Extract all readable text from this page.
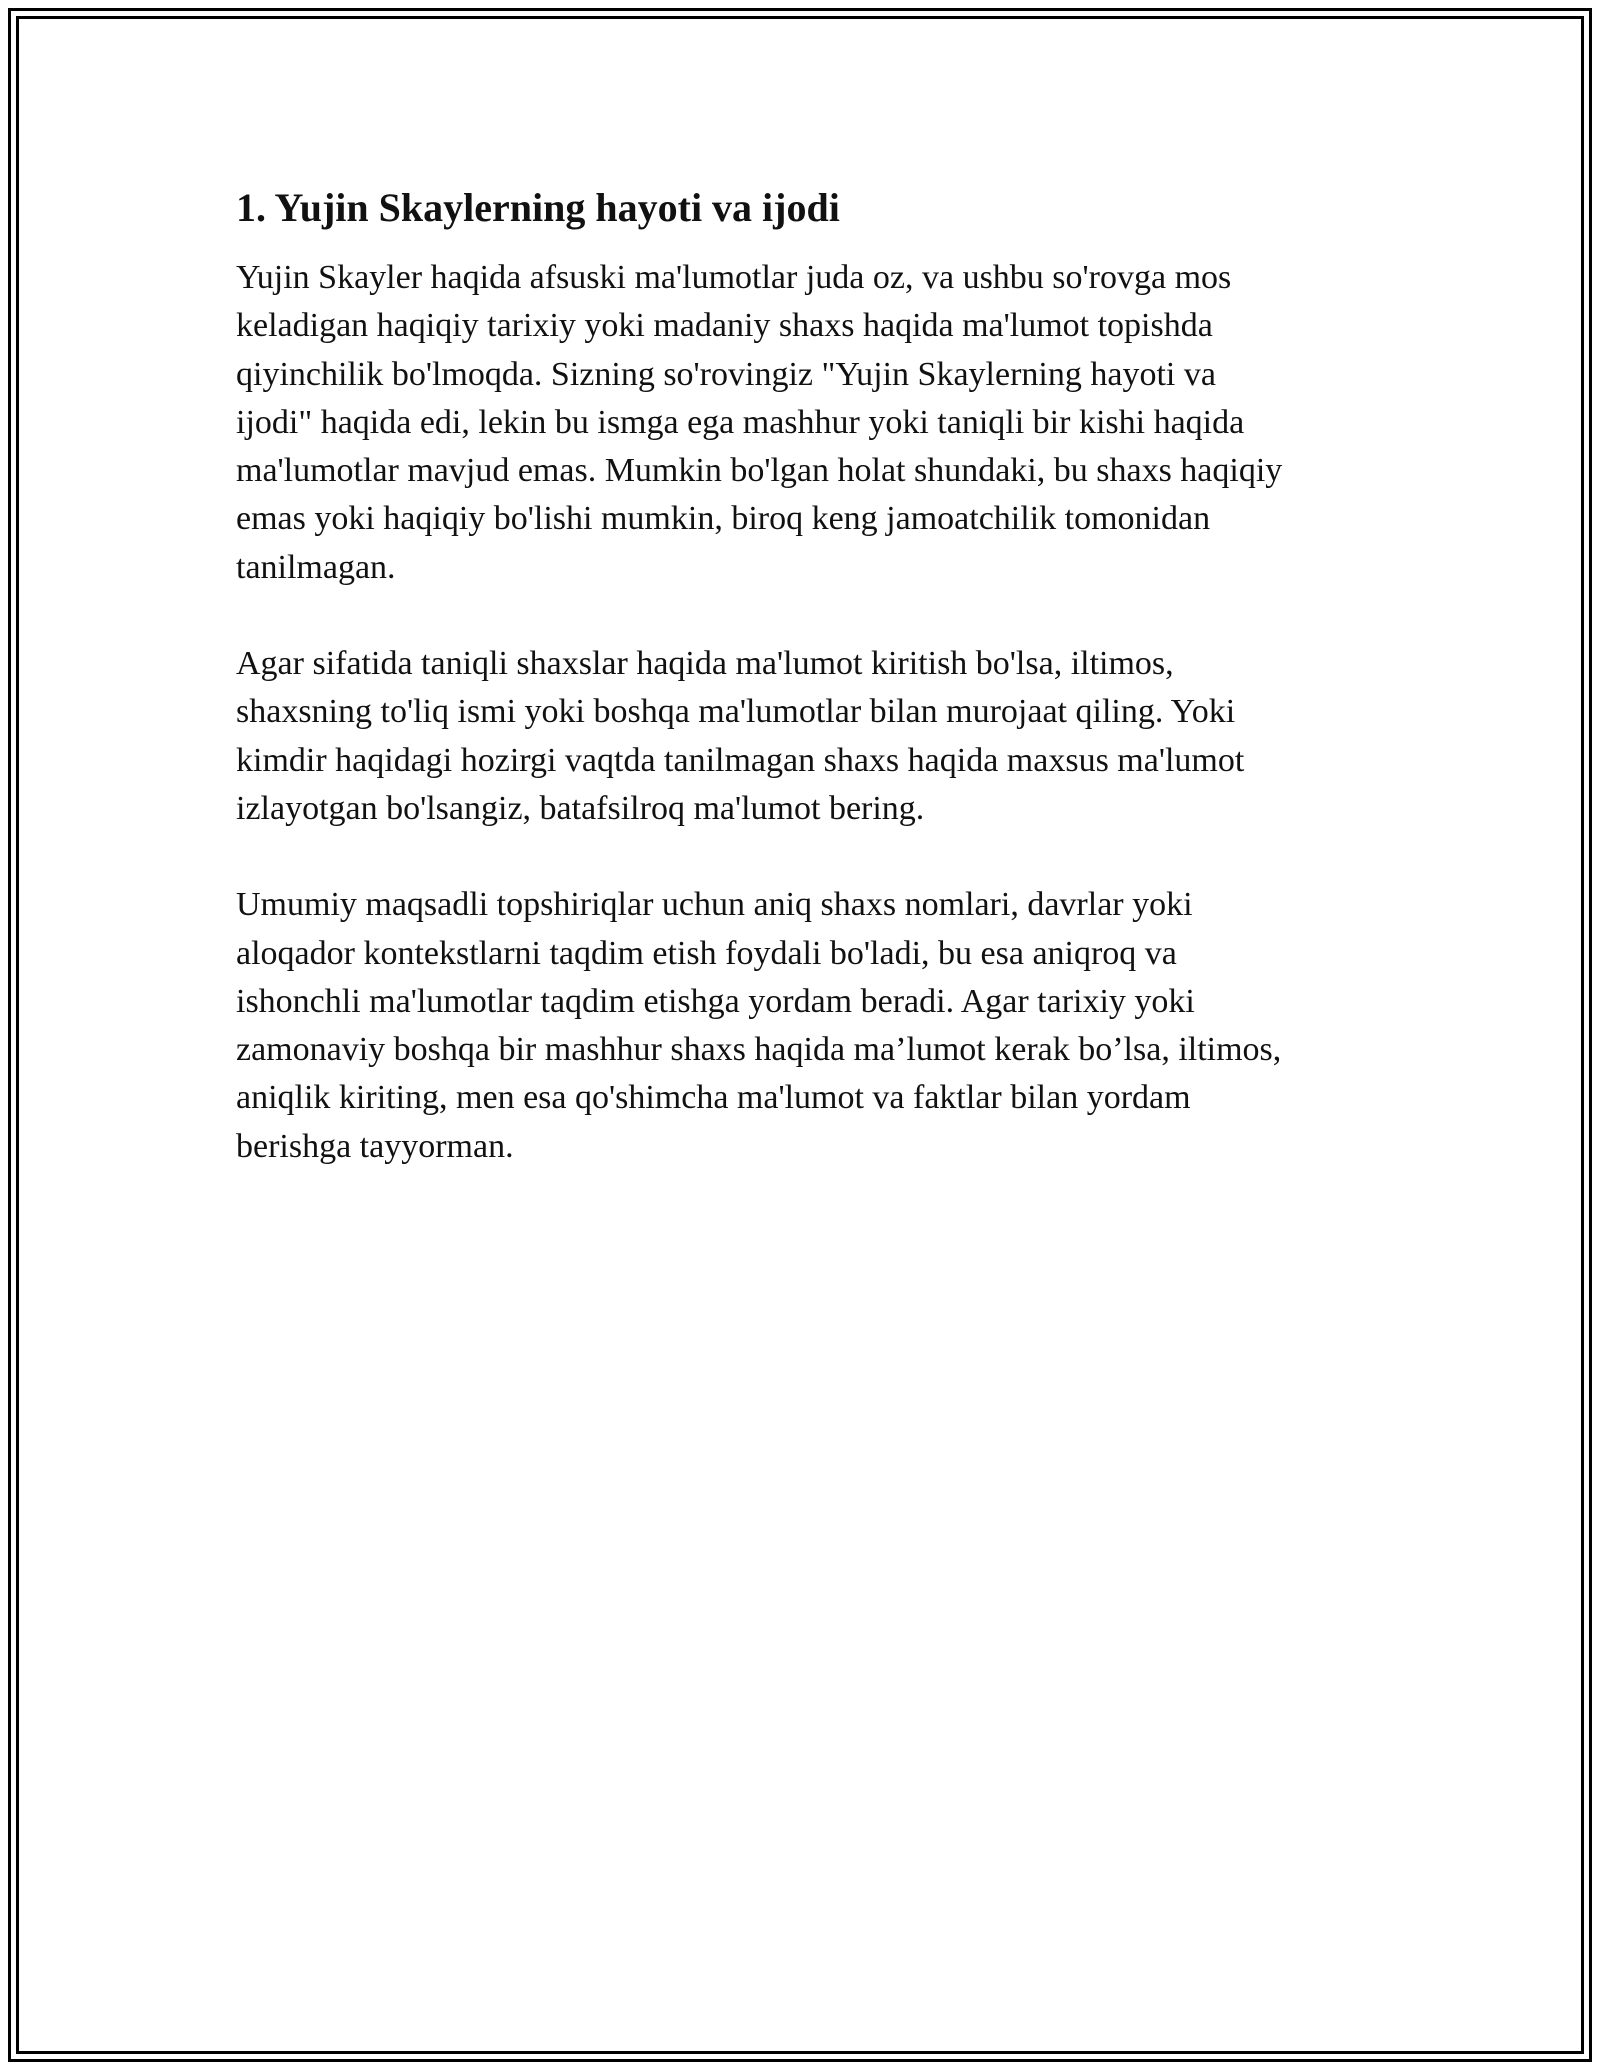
1. Yujin Skaylerning hayoti va ijodi
Yujin Skayler haqida afsuski ma'lumotlar juda oz, va ushbu so'rovga mos
keladigan haqiqiy tarixiy yoki madaniy shaxs haqida ma'lumot topishda
qiyinchilik bo'lmoqda. Sizning so'rovingiz "Yujin Skaylerning hayoti va
ijodi" haqida edi, lekin bu ismga ega mashhur yoki taniqli bir kishi haqida
ma'lumotlar mavjud emas. Mumkin bo'lgan holat shundaki, bu shaxs haqiqiy
emas yoki haqiqiy bo'lishi mumkin, biroq keng jamoatchilik tomonidan
tanilmagan.
Agar sifatida taniqli shaxslar haqida ma'lumot kiritish bo'lsa, iltimos,
shaxsning to'liq ismi yoki boshqa ma'lumotlar bilan murojaat qiling. Yoki
kimdir haqidagi hozirgi vaqtda tanilmagan shaxs haqida maxsus ma'lumot
izlayotgan bo'lsangiz, batafsilroq ma'lumot bering.
Umumiy maqsadli topshiriqlar uchun aniq shaxs nomlari, davrlar yoki
aloqador kontekstlarni taqdim etish foydali bo'ladi, bu esa aniqroq va
ishonchli ma'lumotlar taqdim etishga yordam beradi. Agar tarixiy yoki
zamonaviy boshqa bir mashhur shaxs haqida ma’lumot kerak bo’lsa, iltimos,
aniqlik kiriting, men esa qo'shimcha ma'lumot va faktlar bilan yordam
berishga tayyorman.
